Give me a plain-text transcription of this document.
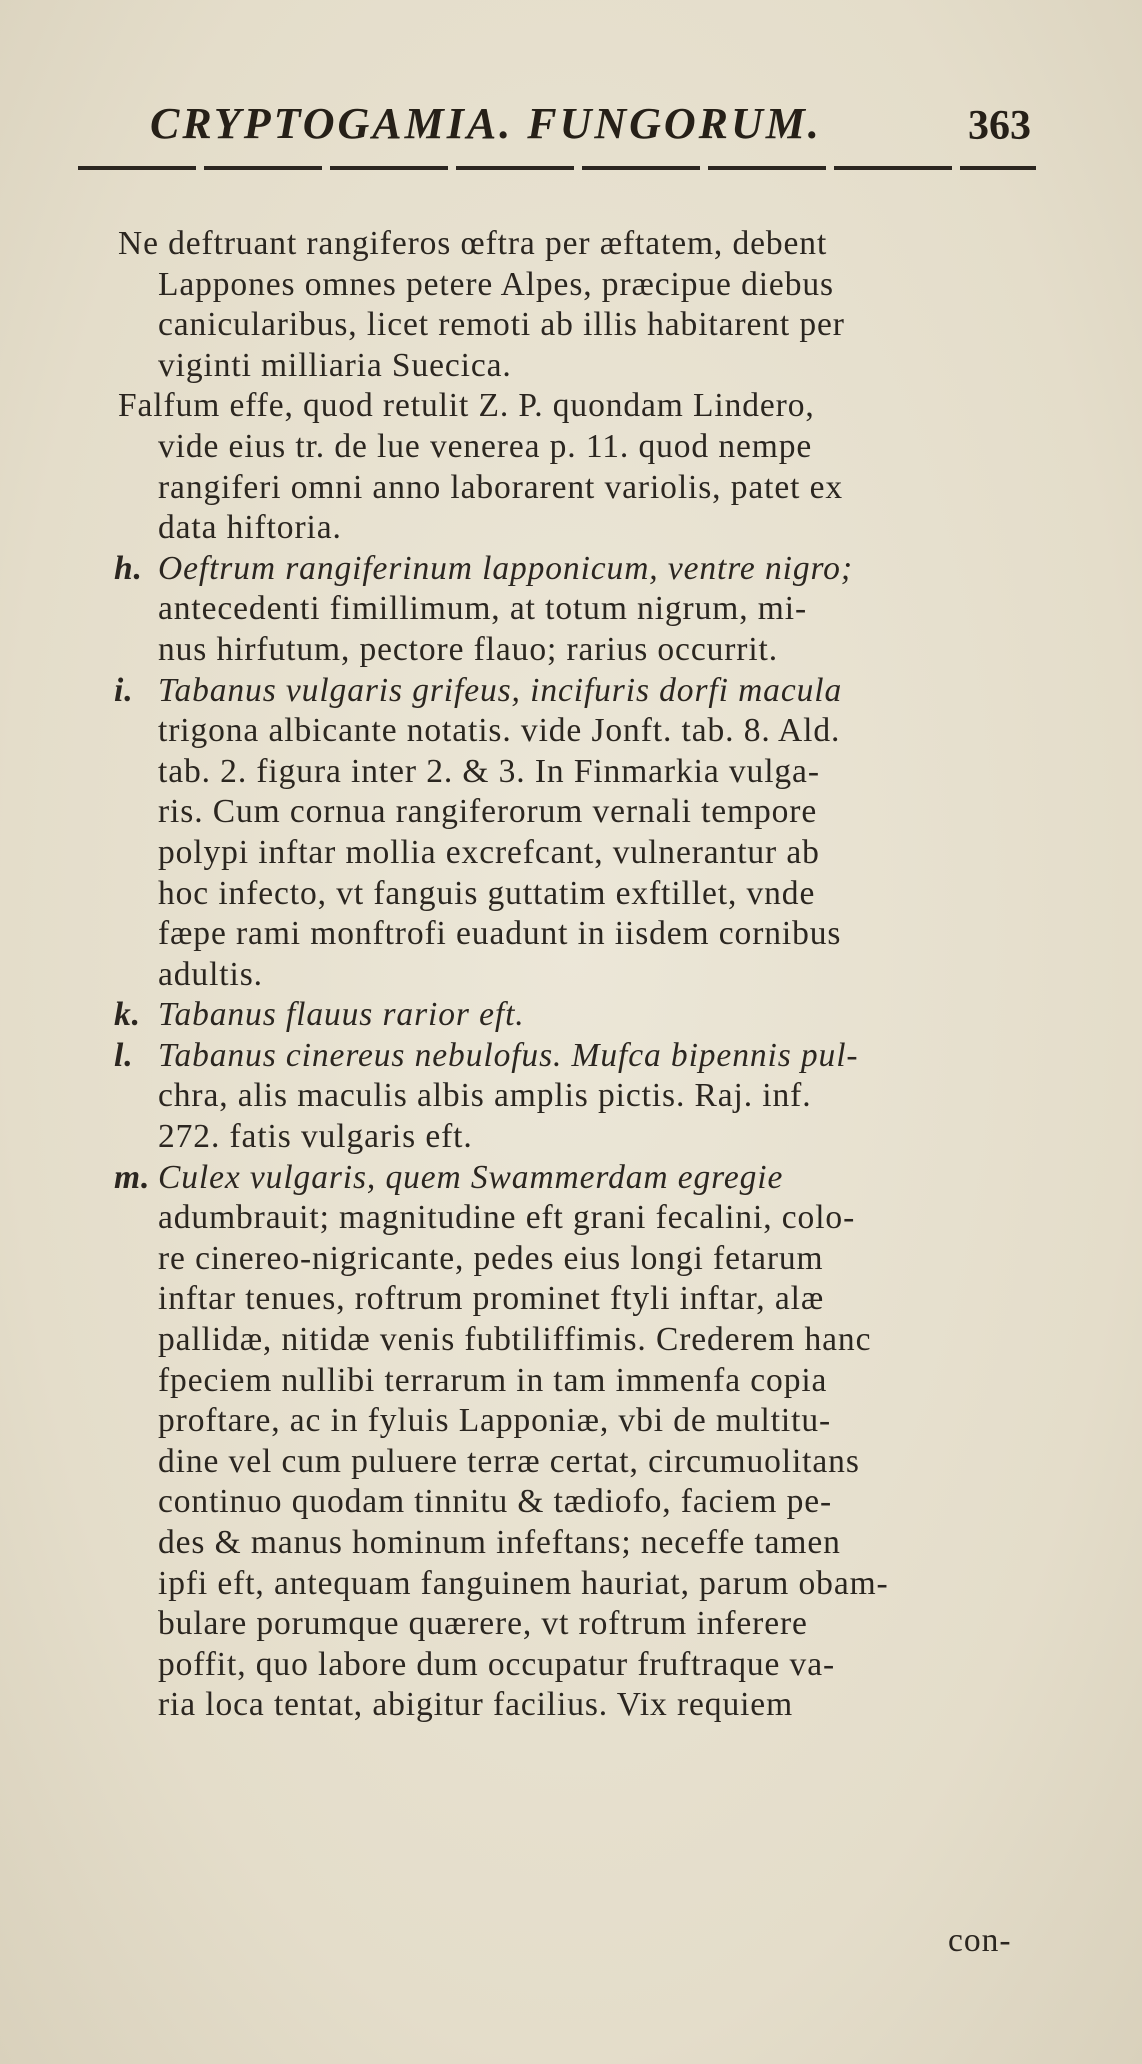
CRYPTOGAMIA. FUNGORUM.	363
Ne deftruant rangiferos œftra per æftatem, debent
Lappones omnes petere Alpes, præcipue diebus
canicularibus, licet remoti ab illis habitarent per
viginti milliaria Suecica.
Falfum effe, quod retulit Z. P. quondam Lindero,
vide eius tr. de lue venerea p. 11. quod nempe
rangiferi omni anno laborarent variolis, patet ex
data hiftoria.
h. Oeftrum rangiferinum lapponicum, ventre nigro;
antecedenti fimillimum, at totum nigrum, mi-
nus hirfutum, pectore flauo; rarius occurrit.
i. Tabanus vulgaris grifeus, incifuris dorfi macula
trigona albicante notatis. vide Jonft. tab. 8. Ald.
tab. 2. figura inter 2. & 3. In Finmarkia vulga-
ris. Cum cornua rangiferorum vernali tempore
polypi inftar mollia excrefcant, vulnerantur ab
hoc infecto, vt fanguis guttatim exftillet, vnde
fæpe rami monftrofi euadunt in iisdem cornibus
adultis.
k. Tabanus flauus rarior eft.
l. Tabanus cinereus nebulofus. Mufca bipennis pul-
chra, alis maculis albis amplis pictis. Raj. inf.
272. fatis vulgaris eft.
m. Culex vulgaris, quem Swammerdam egregie
adumbrauit; magnitudine eft grani fecalini, colo-
re cinereo-nigricante, pedes eius longi fetarum
inftar tenues, roftrum prominet ftyli inftar, alæ
pallidæ, nitidæ venis fubtiliffimis. Crederem hanc
fpeciem nullibi terrarum in tam immenfa copia
proftare, ac in fyluis Lapponiæ, vbi de multitu-
dine vel cum puluere terræ certat, circumuolitans
continuo quodam tinnitu & tædiofo, faciem pe-
des & manus hominum infeftans; neceffe tamen
ipfi eft, antequam fanguinem hauriat, parum obam-
bulare porumque quærere, vt roftrum inferere
poffit, quo labore dum occupatur fruftraque va-
ria loca tentat, abigitur facilius. Vix requiem
con-
